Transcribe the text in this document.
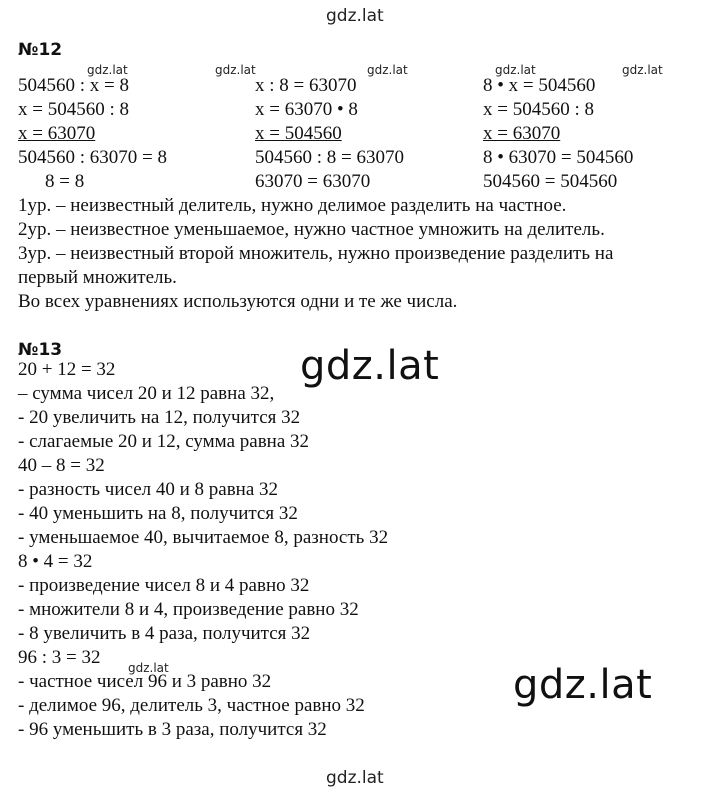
gdz.lat
gdz.lat
№12
504560 : x = 8
x = 504560 : 8
x = 63070
504560 : 63070 = 8
8 = 8
x : 8 = 63070
x = 63070 • 8
x = 504560
504560 : 8 = 63070
63070 = 63070
8 • x = 504560
x = 504560 : 8
x = 63070
8 • 63070 = 504560
504560 = 504560
1ур. – неизвестный делитель, нужно делимое разделить на частное.
2ур. – неизвестное уменьшаемое, нужно частное умножить на делитель.
3ур. – неизвестный второй множитель, нужно произведение разделить на
первый множитель.
Во всех уравнениях используются одни и те же числа.
gdz.lat	gdz.lat	gdz.lat	gdz.lat	gdz.lat
№13
20 + 12 = 32
– сумма чисел 20 и 12 равна 32,
- 20 увеличить на 12, получится 32
- слагаемые 20 и 12, сумма равна 32
40 – 8 = 32
- разность чисел 40 и 8 равна 32
- 40 уменьшить на 8, получится 32
- уменьшаемое 40, вычитаемое 8, разность 32
8 • 4 = 32
- произведение чисел 8 и 4 равно 32
- множители 8 и 4, произведение равно 32
- 8 увеличить в 4 раза, получится 32
96 : 3 = 32
- частное чисел 96 и 3 равно 32
- делимое 96, делитель 3, частное равно 32
- 96 уменьшить в 3 раза, получится 32
gdz.lat
gdz.lat
gdz.lat
